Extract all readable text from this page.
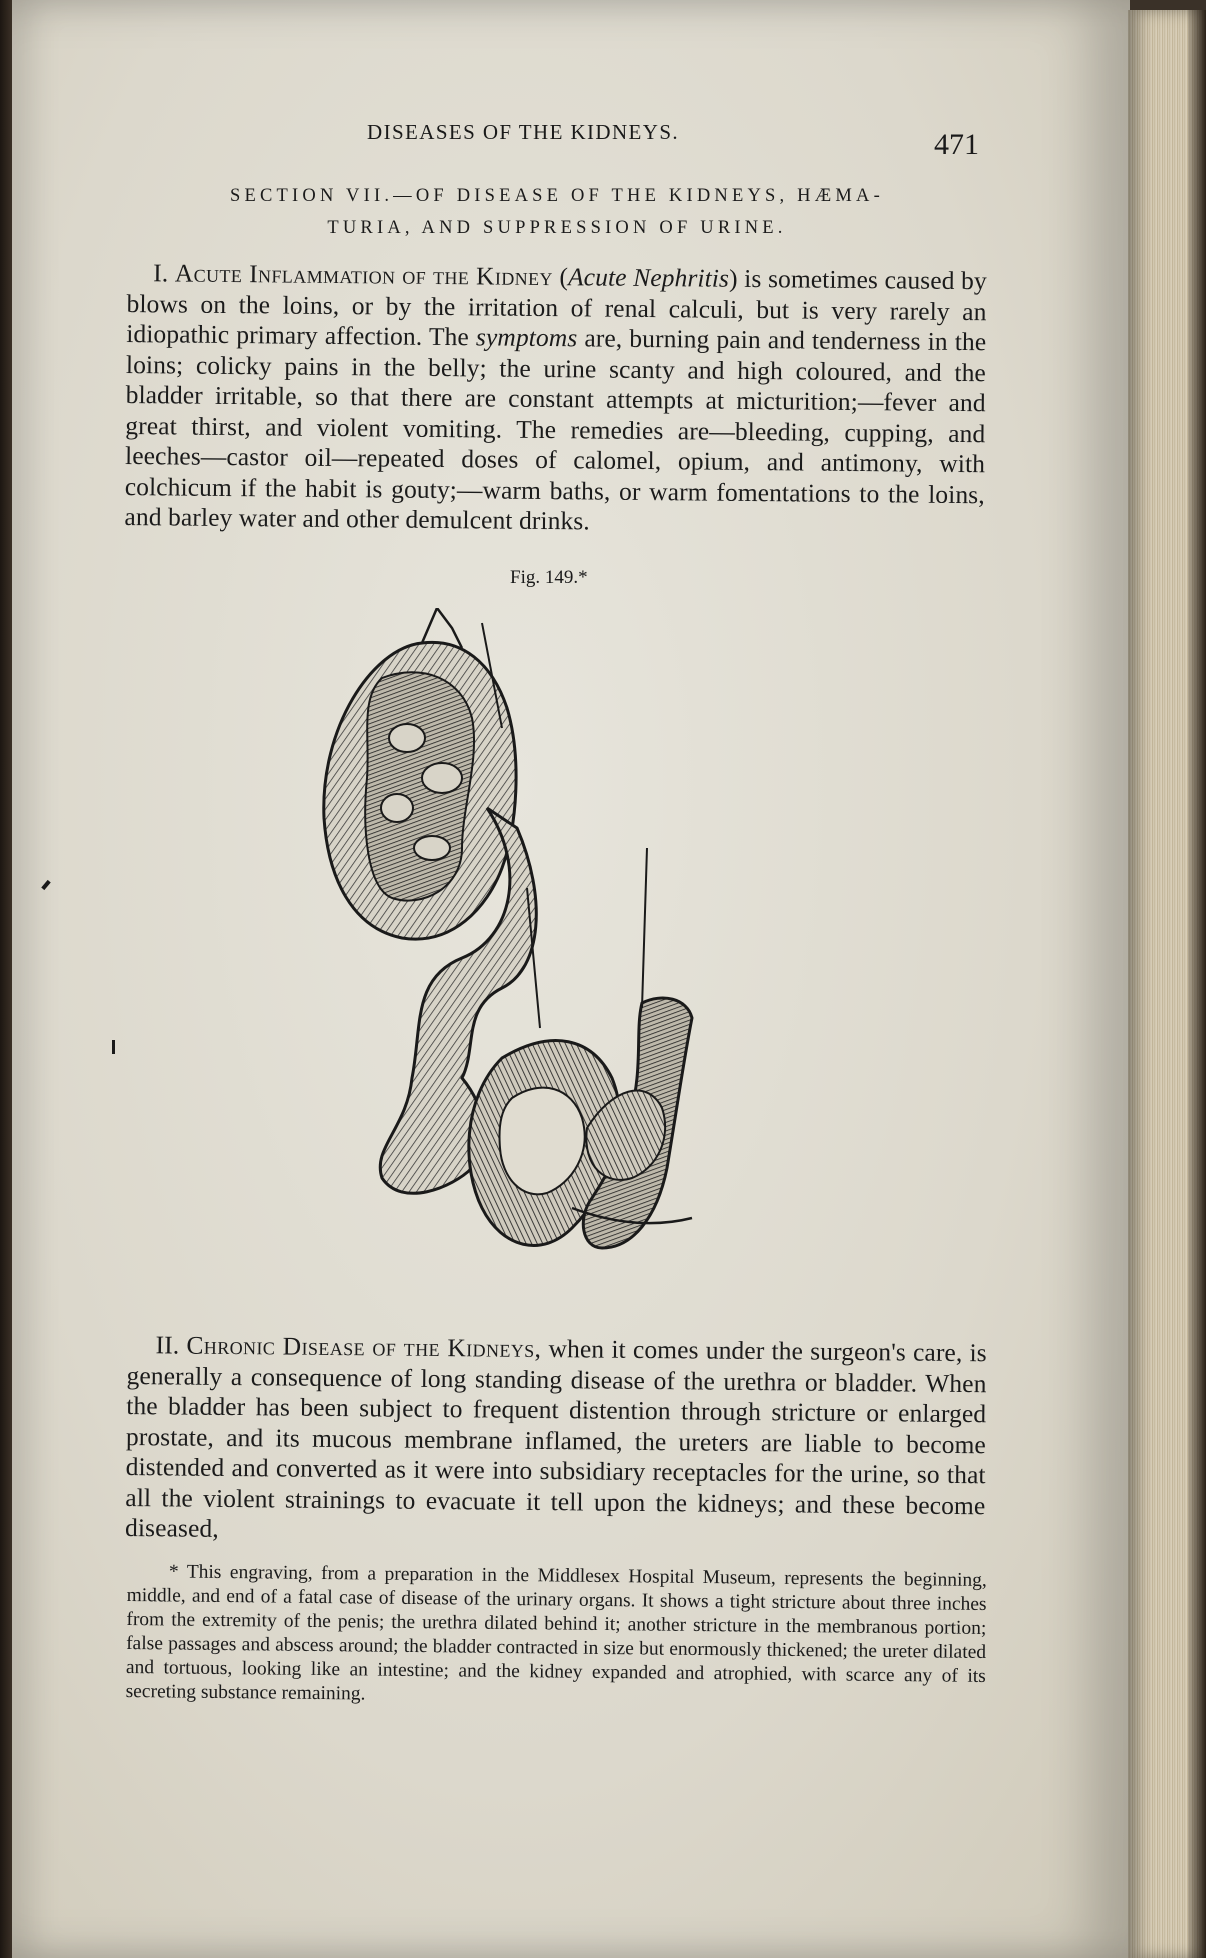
DISEASES OF THE KIDNEYS.	471
SECTION VII.—OF DISEASE OF THE KIDNEYS, HÆMA-
TURIA, AND SUPPRESSION OF URINE.
I. Acute Inflammation of the Kidney (Acute Nephritis) is sometimes caused by blows on the loins, or by the irritation of renal calculi, but is very rarely an idiopathic primary affection. The symptoms are, burning pain and tenderness in the loins; colicky pains in the belly; the urine scanty and high coloured, and the bladder irritable, so that there are constant attempts at micturition;—fever and great thirst, and violent vomiting. The remedies are—bleeding, cupping, and leeches—castor oil—repeated doses of calomel, opium, and antimony, with colchicum if the habit is gouty;—warm baths, or warm fomentations to the loins, and barley water and other demulcent drinks.
Fig. 149.*
II. Chronic Disease of the Kidneys, when it comes under the surgeon's care, is generally a consequence of long standing disease of the urethra or bladder. When the bladder has been subject to frequent distention through stricture or enlarged prostate, and its mucous membrane inflamed, the ureters are liable to become distended and converted as it were into subsidiary receptacles for the urine, so that all the violent strainings to evacuate it tell upon the kidneys; and these become diseased,
* This engraving, from a preparation in the Middlesex Hospital Museum, represents the beginning, middle, and end of a fatal case of disease of the urinary organs. It shows a tight stricture about three inches from the extremity of the penis; the urethra dilated behind it; another stricture in the membranous portion; false passages and abscess around; the bladder contracted in size but enormously thickened; the ureter dilated and tortuous, looking like an intestine; and the kidney expanded and atrophied, with scarce any of its secreting substance remaining.
